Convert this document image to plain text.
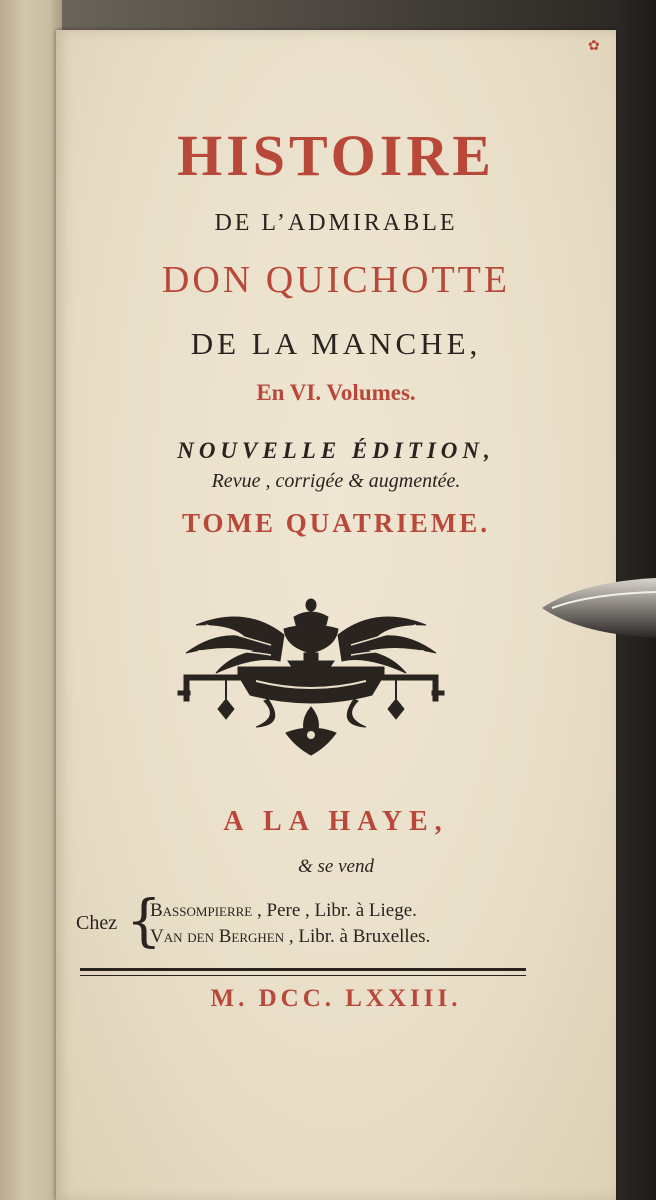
HISTOIRE
DE L’ADMIRABLE
DON QUICHOTTE
DE LA MANCHE,
En VI. Volumes.
NOUVELLE ÉDITION,
Revue , corrigée & augmentée.
TOME QUATRIEME.
A LA HAYE,
& se vend
Chez {
Bassompierre , Pere , Libr. à Liege.
Van den Berghen , Libr. à Bruxelles.
M. DCC. LXXIII.
✿
